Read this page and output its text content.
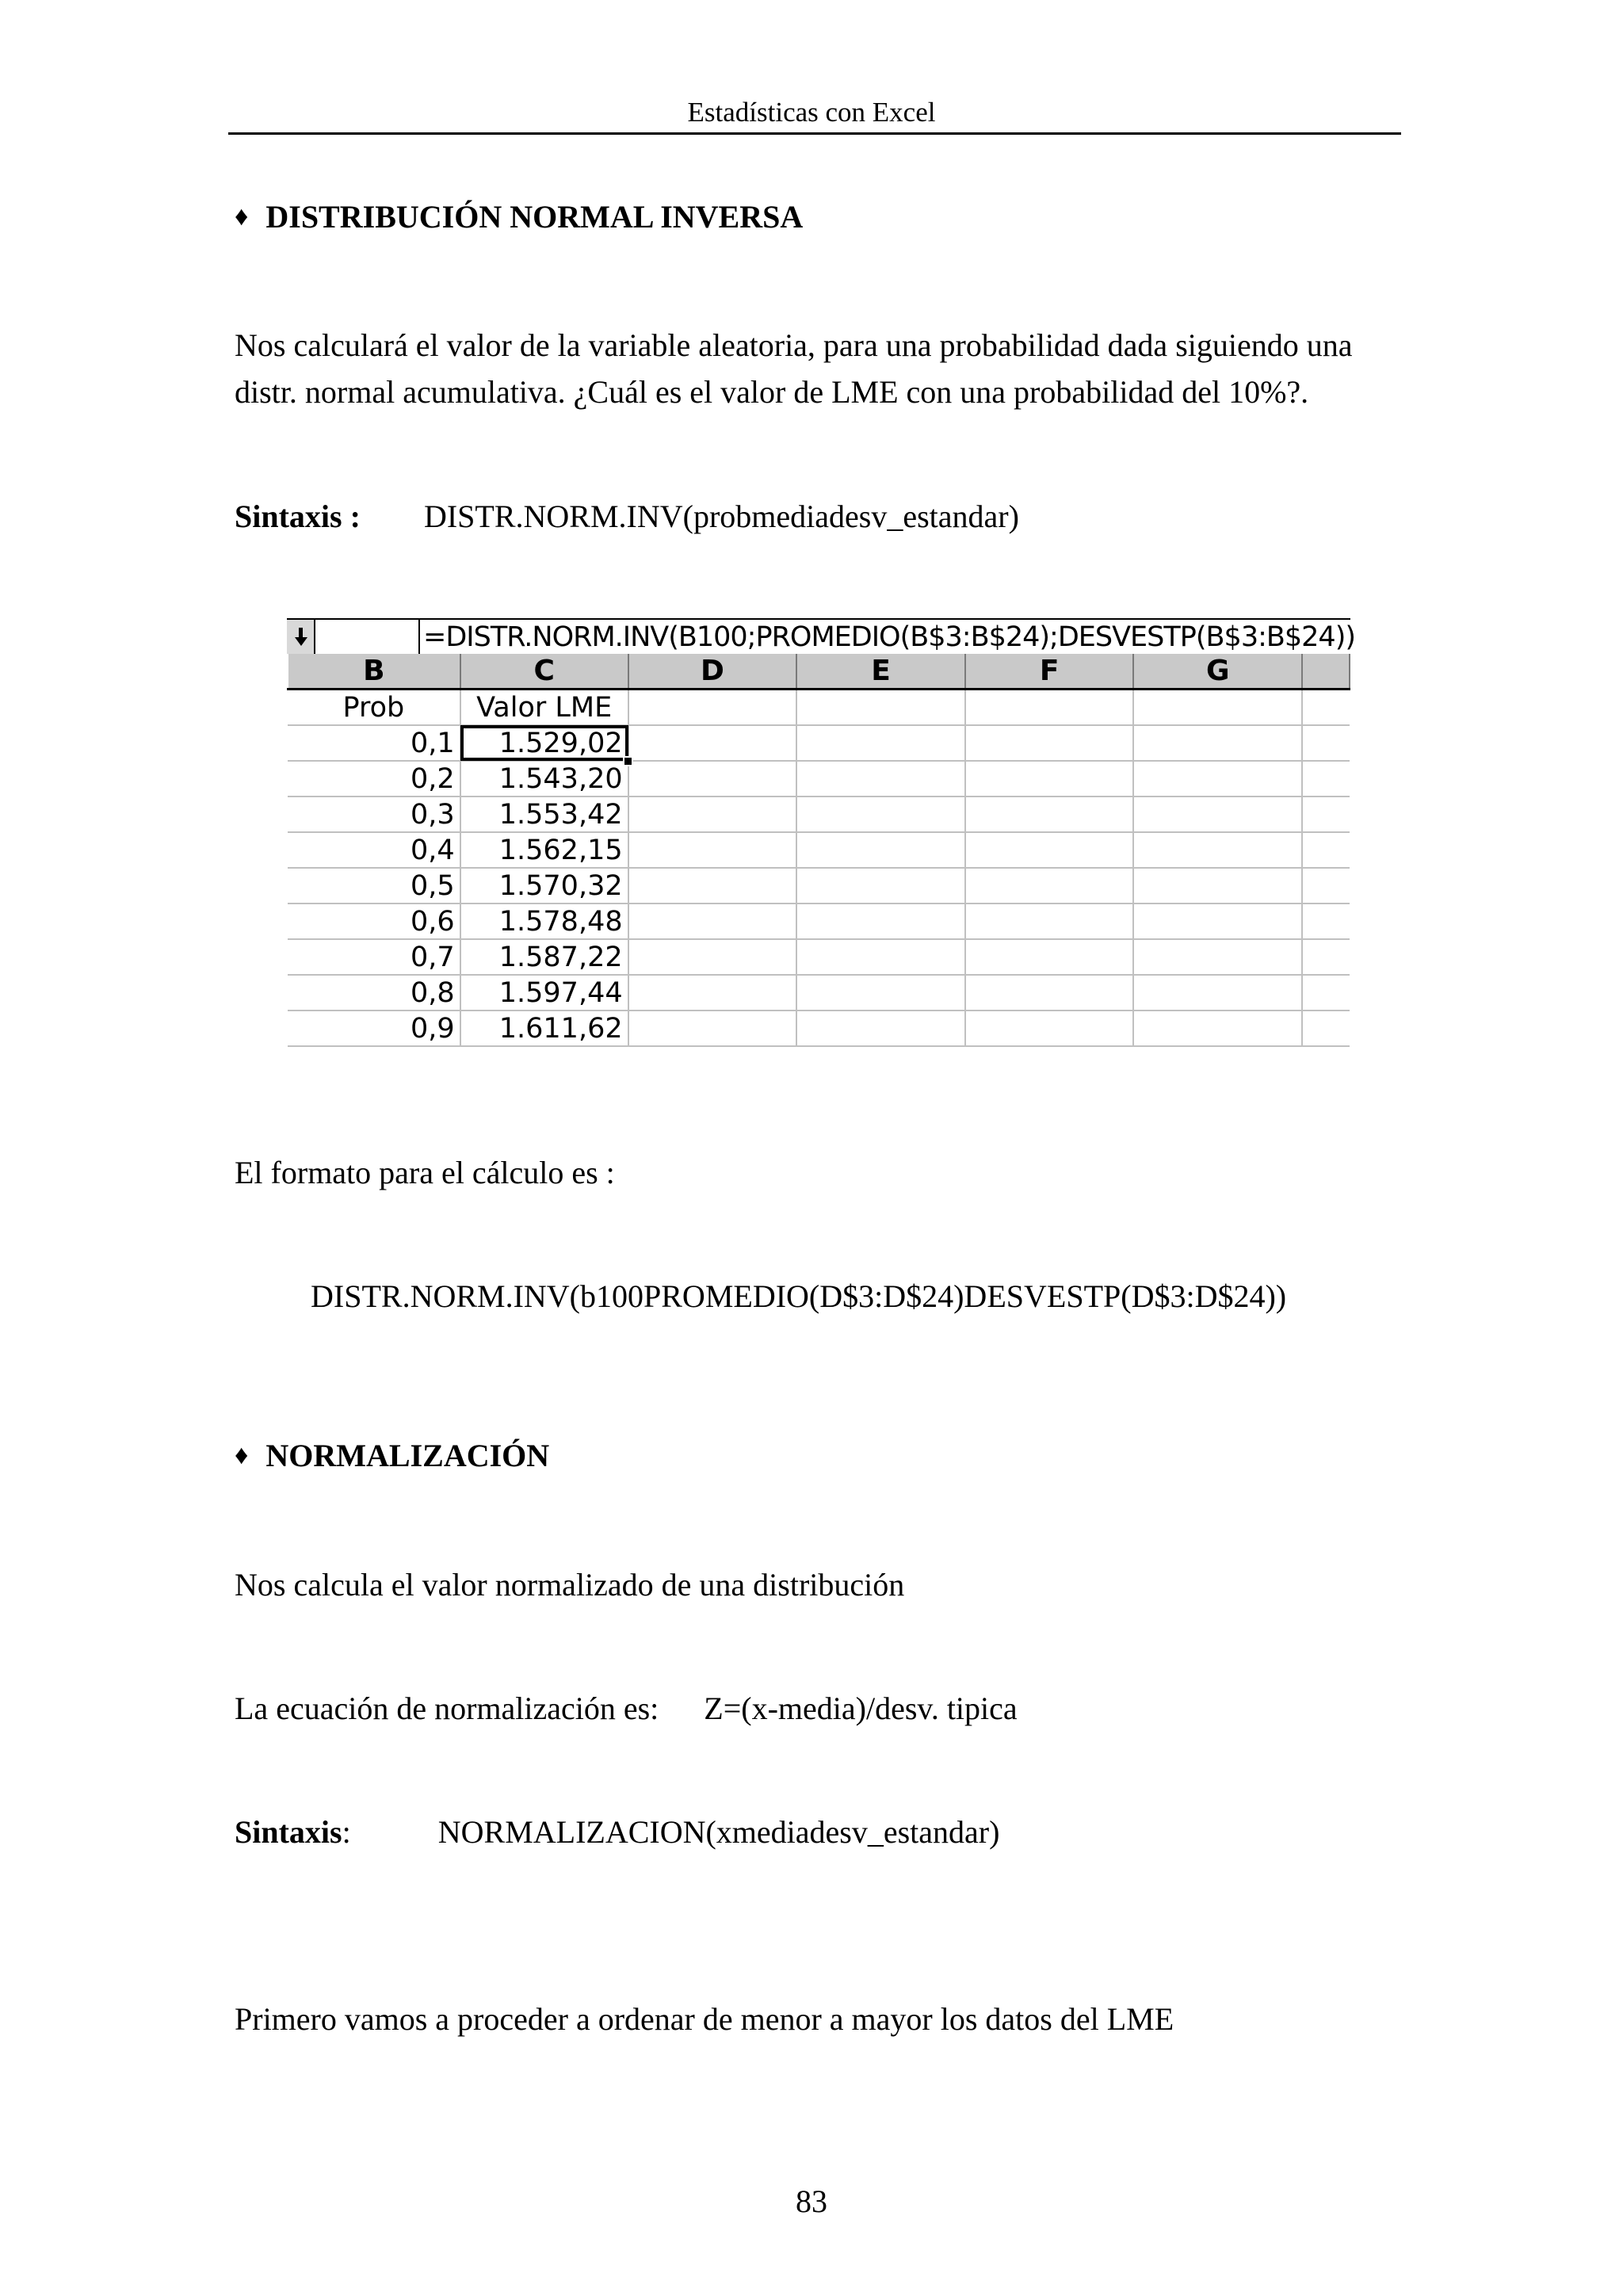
Estadísticas con Excel
♦ DISTRIBUCIÓN NORMAL INVERSA
Nos calculará el valor de la variable aleatoria, para una probabilidad dada siguiendo una
distr. normal acumulativa. ¿Cuál es el valor de LME con una probabilidad del 10%?.
Sintaxis : DISTR.NORM.INV(probmediadesv_estandar)
=DISTR.NORM.INV(B100;PROMEDIO(B$3:B$24);DESVESTP(B$3:B$24))
B	C	D	E	F	G	
Prob	Valor LME					
0,1	1.529,02					
0,2	1.543,20					
0,3	1.553,42					
0,4	1.562,15					
0,5	1.570,32					
0,6	1.578,48					
0,7	1.587,22					
0,8	1.597,44					
0,9	1.611,62					
El formato para el cálculo es :
DISTR.NORM.INV(b100PROMEDIO(D$3:D$24)DESVESTP(D$3:D$24))
♦ NORMALIZACIÓN
Nos calcula el valor normalizado de una distribución
La ecuación de normalización es: Z=(x-media)/desv. tipica
Sintaxis:	NORMALIZACION(xmediadesv_estandar)
Primero vamos a proceder a ordenar de menor a mayor los datos del LME
83
